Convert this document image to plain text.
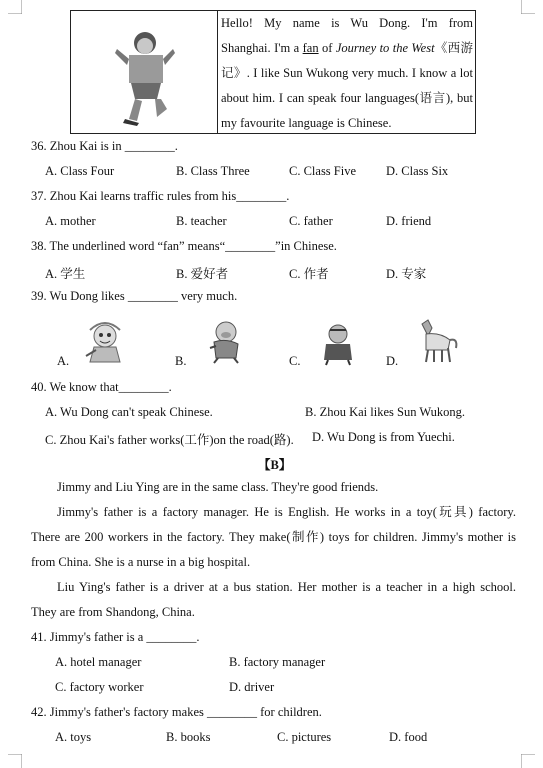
Hello! My name is Wu Dong. I'm from
Shanghai. I'm a fan of Journey to the West《西游
记》. I like Sun Wukong very much. I know a lot
about him. I can speak four languages(语言), but
my favourite language is Chinese.
36. Zhou Kai is in ________.
A. Class Four	B. Class Three	C. Class Five D. Class Six
37. Zhou Kai learns traffic rules from his________.
A. mother	B. teacher	C. father	D. friend
38. The underlined word “fan” means“________”in Chinese.
A. 学生	B. 爱好者	C. 作者	D. 专家
39. Wu Dong likes ________ very much.
A.	B.	C.	D.
40. We know that________.
A. Wu Dong can't speak Chinese.	B. Zhou Kai likes Sun Wukong.
C. Zhou Kai's father works(工作)on the road(路). D. Wu Dong is from Yuechi.
【B】
Jimmy and Liu Ying are in the same class. They're good friends.
Jimmy's father is a factory manager. He is English. He works in a toy(玩具) factory.
There are 200 workers in the factory. They make(制作) toys for children. Jimmy's mother is
from China. She is a nurse in a big hospital.
Liu Ying's father is a driver at a bus station. Her mother is a teacher in a high school.
They are from Shandong, China.
41. Jimmy's father is a ________.
A. hotel manager	B. factory manager
C. factory worker	D. driver
42. Jimmy's father's factory makes ________ for children.
A. toys	B. books	C. pictures	D. food
